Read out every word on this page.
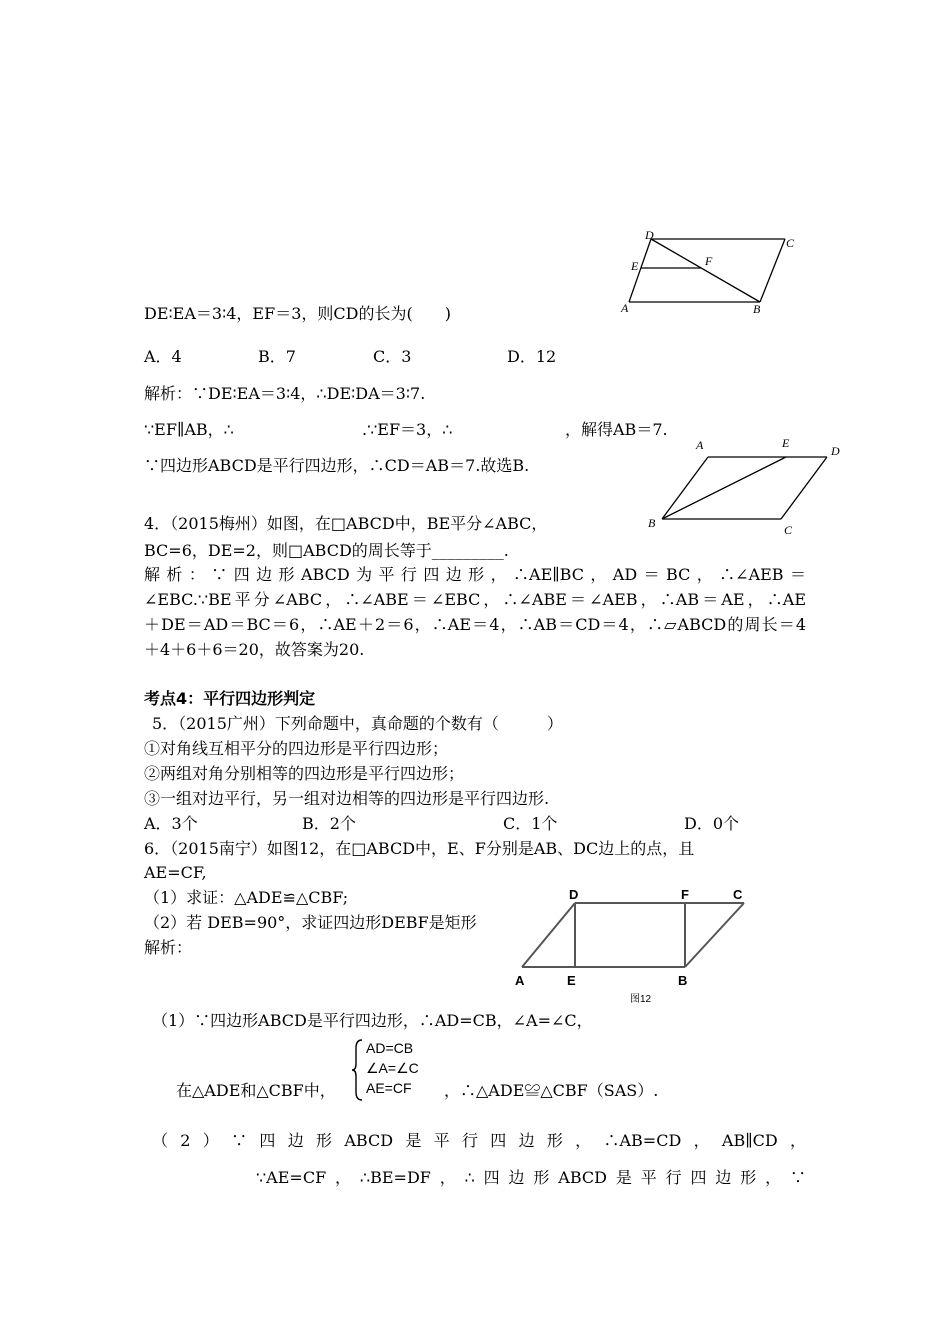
D
C
E	F
A	B
DE∶EA＝3∶4，EF＝3，则CD的长为(　　)
A．4	B．7	C．3	D．12
解析：∵DE∶EA＝3∶4，∴DE∶DA＝3∶7.
∵EF∥AB，∴	.∵EF＝3，∴	，解得AB＝7.
∵四边形ABCD是平行四边形，∴CD＝AB＝7.故选B.
A	E
D
B	C
4．（2015梅州）如图，在□ABCD中，BE平分∠ABC，
BC=6，DE=2，则□ABCD的周长等于_________.
解析：∵四边形ABCD为平行四边形，∴AE∥BC，AD＝BC，∴∠AEB＝
∠EBC.∵BE平分∠ABC，∴∠ABE＝∠EBC，∴∠ABE＝∠AEB，∴AB＝AE，∴AE
＋DE＝AD＝BC＝6，∴AE＋2＝6，∴AE＝4，∴AB＝CD＝4，∴▱ABCD的周长＝4
＋4＋6＋6＝20，故答案为20.
考点4：平行四边形判定
5．（2015广州）下列命题中，真命题的个数有（　　　）
①对角线互相平分的四边形是平行四边形；
②两组对角分别相等的四边形是平行四边形；
③一组对边平行，另一组对边相等的四边形是平行四边形.
A．3个	B．2个	C．1个	D．0个
6．（2015南宁）如图12，在□ABCD中，E、F分别是AB、DC边上的点，且
AE=CF,
（1）求证：△ADE≌△CBF;
（2）若 DEB=90°，求证四边形DEBF是矩形
解析：
D	F	C
A	E	B
图12
（1）∵四边形ABCD是平行四边形，∴AD=CB，∠A=∠C，
AD=CB
∠A=∠C
AE=CF
在△ADE和△CBF中，	，∴△ADE≌△CBF（SAS）.
（2）∵四边形ABCD是平行四边形，∴AB=CD，AB∥CD，
∵AE=CF，∴BE=DF，∴四边形ABCD是平行四边形，∵
